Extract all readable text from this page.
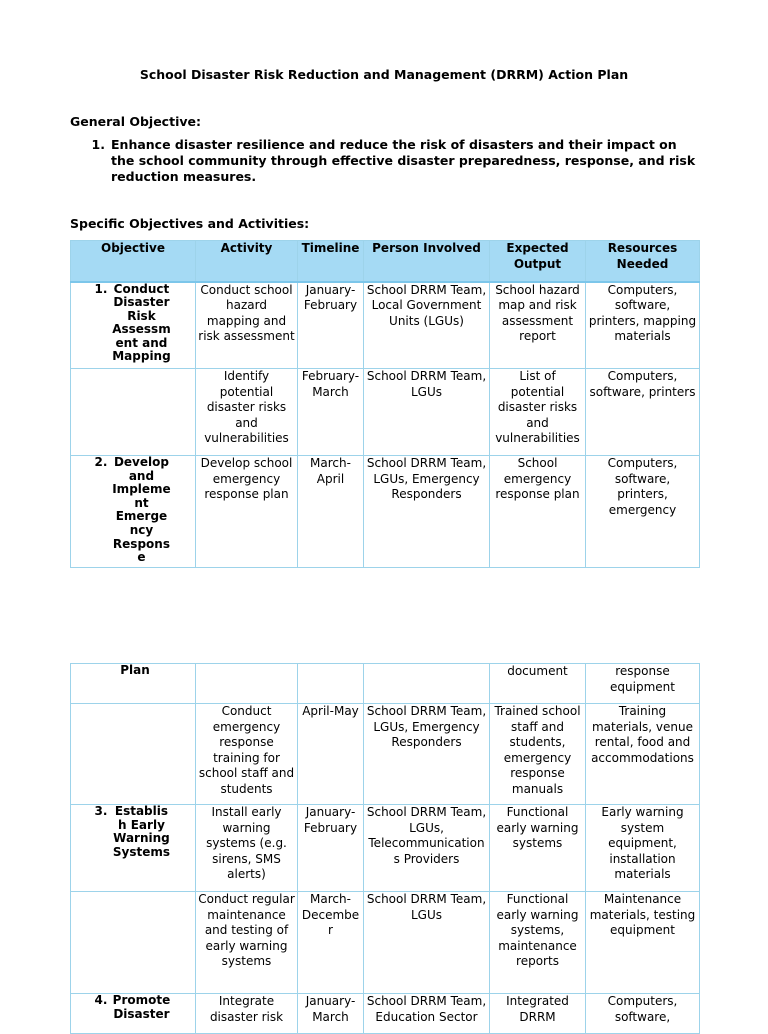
School Disaster Risk Reduction and Management (DRRM) Action Plan
General Objective:
1. Enhance disaster resilience and reduce the risk of disasters and their impact on the school community through effective disaster preparedness, response, and risk reduction measures.
Specific Objectives and Activities:
Objective	Activity	Timeline	Person Involved	Expected Output	Resources Needed

1. Conduct Disaster Risk Assessment and Mapping	Conduct school hazard mapping and risk assessment	January-February	School DRRM Team, Local Government Units (LGUs)	School hazard map and risk assessment report	Computers, software, printers, mapping materials

	Identify potential disaster risks and vulnerabilities	February-March	School DRRM Team, LGUs	List of potential disaster risks and vulnerabilities	Computers, software, printers

2. Develop and Implement Emergency Response	Develop school emergency response plan	March-April	School DRRM Team, LGUs, Emergency Responders	School emergency response plan	Computers, software, printers, emergency
Plan				document	response equipment

	Conduct emergency response training for school staff and students	April-May	School DRRM Team, LGUs, Emergency Responders	Trained school staff and students, emergency response manuals	Training materials, venue rental, food and accommodations

3. Establish Early Warning Systems	Install early warning systems (e.g. sirens, SMS alerts)	January-February	School DRRM Team, LGUs, Telecommunications Providers	Functional early warning systems	Early warning system equipment, installation materials

	Conduct regular maintenance and testing of early warning systems	March-December	School DRRM Team, LGUs	Functional early warning systems, maintenance reports	Maintenance materials, testing equipment

4. Promote Disaster	Integrate disaster risk	January-March	School DRRM Team, Education Sector	Integrated DRRM	Computers, software,
